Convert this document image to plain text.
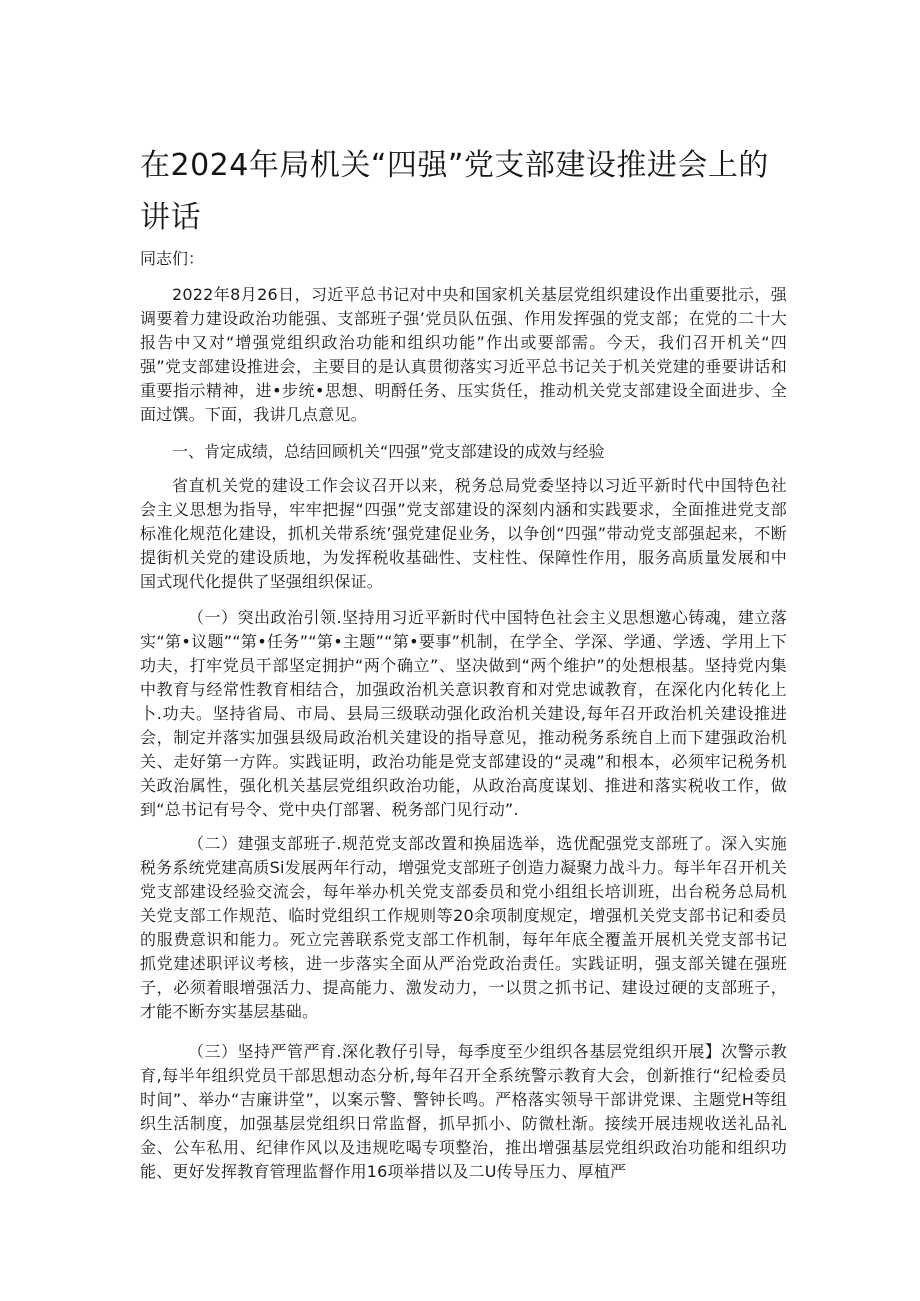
在2024年局机关“四强”党支部建设推进会上的讲话

同志们：

2022年8月26日，习近平总书记对中央和国家机关基层党组织建设作出重要批示，强调要着力建设政治功能强、支部班子强’党员队伍强、作用发挥强的党支部；在党的二十大报告中又对“增强党组织政治功能和组织功能”作出或要部需。今天，我们召开机关“四强”党支部建设推进会，主要目的是认真贯彻落实习近平总书记关于机关党建的垂要讲话和重要指示精神，进•步统•思想、明酹任务、压实货任，推动机关党支部建设全面进步、全面过馔。下面，我讲几点意见。

一、肯定成绩，总结回顾机关“四强”党支部建设的成效与经验

省直机关党的建设工作会议召开以来，税务总局党委坚持以习近平新时代中国特色社会主义思想为指导，牢牢把握“四强”党支部建设的深刻内涵和实践要求，全面推进党支部标准化规范化建设，抓机关带系统’强党建促业务，以争创“四强”带动党支部强起来，不断提街机关党的建设质地，为发挥税收基础性、支柱性、保障性作用，服务高质量发展和中国式现代化提供了坚强组织保证。

（一）突出政治引领.坚持用习近平新时代中国特色社会主义思想邀心铸魂，建立落实“第•议题”“第•任务”“第•主题”“第•要事”机制，在学全、学深、学通、学透、学用上下功夫，打牢党员干部坚定拥护“两个确立”、坚决做到“两个维护”的处想根基。坚持党内集中教育与经常性教育相结合，加强政治机关意识教育和对党忠诚教育，在深化内化转化上卜.功夫。坚持省局、市局、县局三级联动强化政治机关建设,每年召开政治机关建设推进会，制定并落实加强县级局政治机关建设的指导意见，推动税务系统自上而下建强政治机关、走好第一方阵。实践证明，政治功能是党支部建设的“灵魂”和根本，必须牢记税务机关政治属性，强化机关基层党组织政治功能，从政治高度谋划、推进和落实税收工作，做到“总书记有号令、党中央仃部署、税务部门见行动”.

（二）建强支部班子.规范党支部改置和换届选举，选优配强党支部班了。深入实施税务系统党建高质Si发展两年行动，增强党支部班子创造力凝聚力战斗力。每半年召开机关党支部建设经验交流会，每年举办机关党支部委员和党小组组长培训班，出台税务总局机关党支部工作规范、临时党组织工作规则等20余项制度规定，增强机关党支部书记和委员的服费意识和能力。死立完善联系党支部工作机制，每年年底全覆盖开展机关党支部书记抓党建述职评议考核，进一步落实全面从严治党政治责任。实践证明，强支部关键在强班子，必须着眼增强活力、提高能力、激发动力，一以贯之抓书记、建设过硬的支部班子，才能不断夯实基层基础。

（三）坚持严管严育.深化教仔引导，每季度至少组织各基层党组织开展】次警示教育,每半年组织党员干部思想动态分析,每年召开全系统警示教育大会，创新推行“纪检委员时间”、举办“吉廉讲堂”，以案示警、警钟长鸣。严格落实领导干部讲党课、主题党H等组织生活制度，加强基层党组织日常监督，抓早抓小、防微杜渐。接续开展违规收送礼品礼金、公车私用、纪律作风以及违规吃喝专项整治，推出增强基层党组织政治功能和组织功能、更好发挥教育管理监督作用16项举措以及二U传导压力、厚植严
